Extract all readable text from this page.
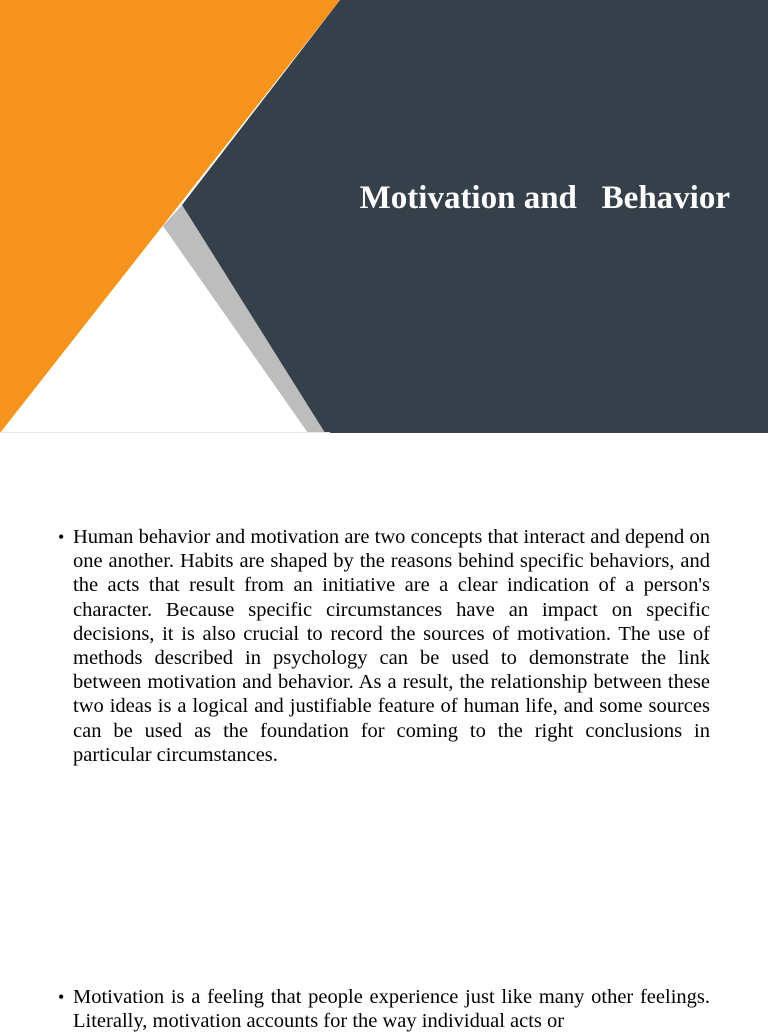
Motivation and   Behavior
• Human behavior and motivation are two concepts that interact and depend on one another. Habits are shaped by the reasons behind specific behaviors, and the acts that result from an initiative are a clear indication of a person's character. Because specific circumstances have an impact on specific decisions, it is also crucial to record the sources of motivation. The use of methods described in psychology can be used to demonstrate the link between motivation and behavior. As a result, the relationship between these two ideas is a logical and justifiable feature of human life, and some sources can be used as the foundation for coming to the right conclusions in particular circumstances.
• Motivation is a feeling that people experience just like many other feelings. Literally, motivation accounts for the way individual acts or
